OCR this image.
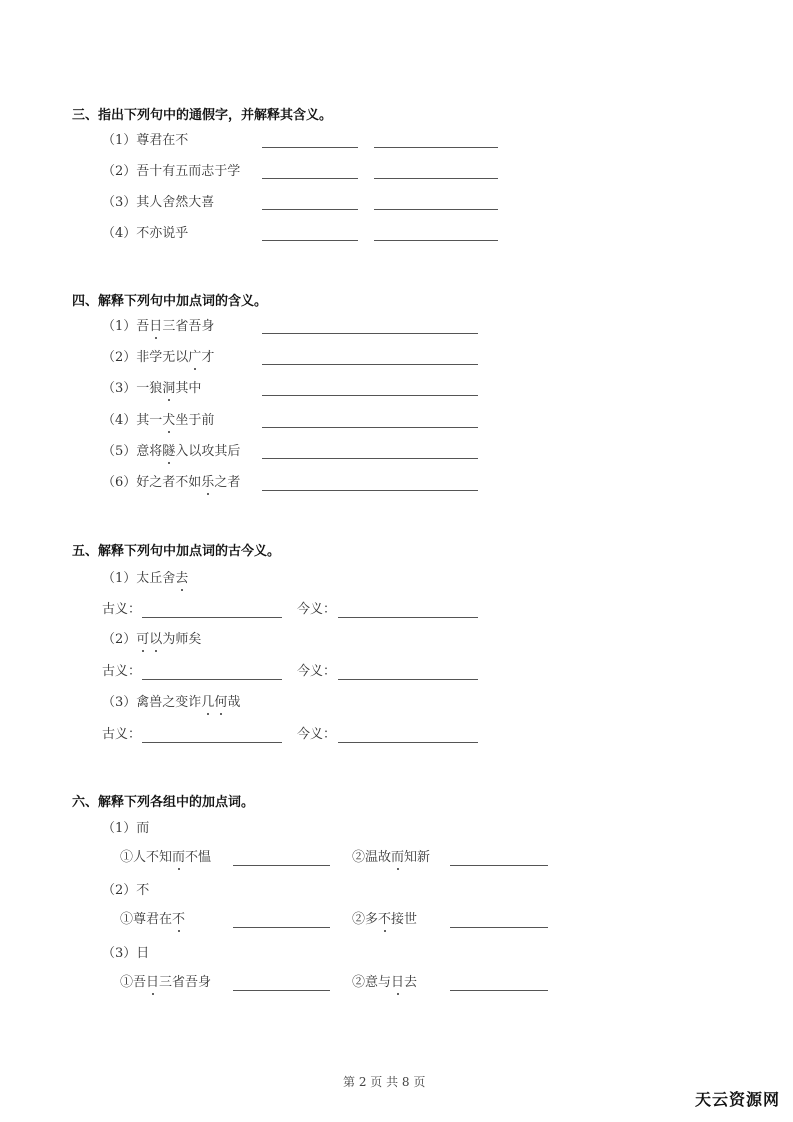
三、指出下列句中的通假字，并解释其含义。
（1）尊君在不
（2）吾十有五而志于学
（3）其人舍然大喜
（4）不亦说乎
四、解释下列句中加点词的含义。
（1）吾日三省吾身
（2）非学无以广才
（3）一狼洞其中
（4）其一犬坐于前
（5）意将隧入以攻其后
（6）好之者不如乐之者
五、解释下列句中加点词的古今义。
（1）太丘舍去
古义：	今义：
（2）可以为师矣
古义：	今义：
（3）禽兽之变诈几何哉
古义：	今义：
六、解释下列各组中的加点词。
（1）而
①人不知而不愠	②温故而知新
（2）不
①尊君在不	②多不接世
（3）日
①吾日三省吾身	②意与日去
第 2 页 共 8 页
天云资源网
